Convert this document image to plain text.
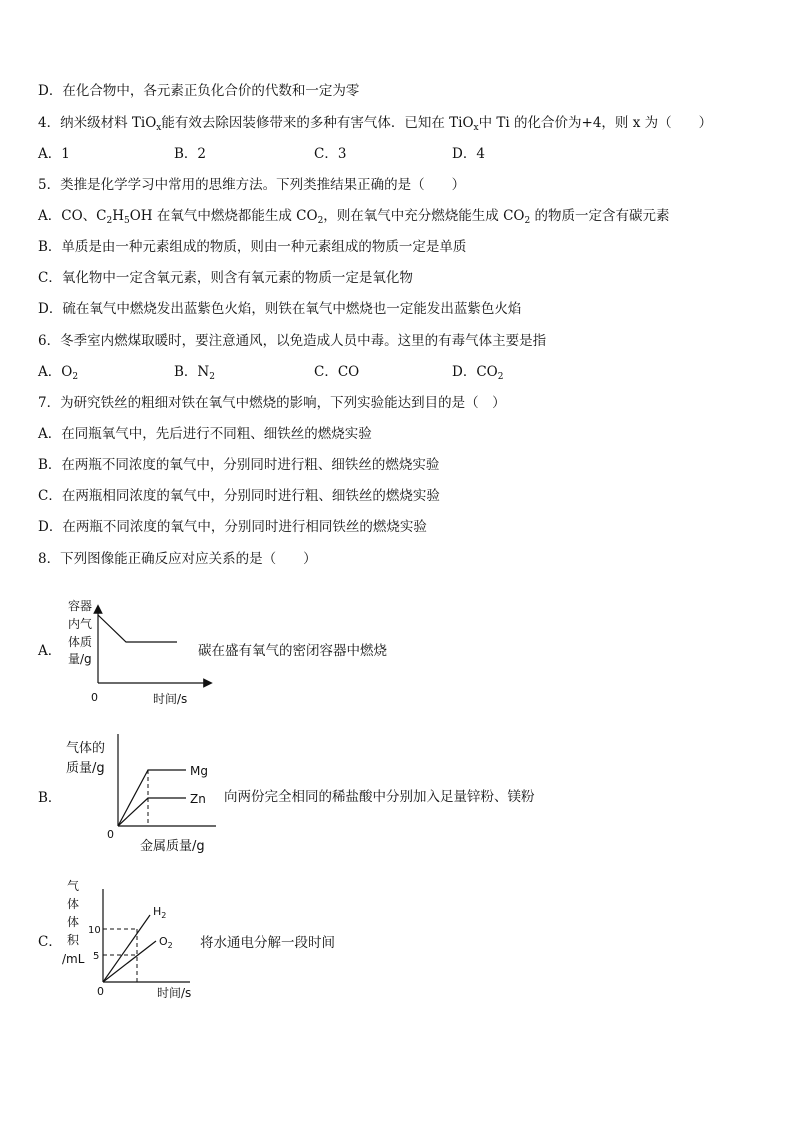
D．在化合物中，各元素正负化合价的代数和一定为零
4．纳米级材料 TiO$_x$能有效去除因装修带来的多种有害气体．已知在 TiO$_x$中 Ti 的化合价为+4，则 x 为（　　）
A．1	B．2	C．3	D．4
5．类推是化学学习中常用的思维方法。下列类推结果正确的是（　　）
A．CO、$C_2H_5OH$ 在氧气中燃烧都能生成 $CO_2$，则在氧气中充分燃烧能生成 $CO_2$ 的物质一定含有碳元素
B．单质是由一种元素组成的物质，则由一种元素组成的物质一定是单质
C．氧化物中一定含氧元素，则含有氧元素的物质一定是氧化物
D．硫在氧气中燃烧发出蓝紫色火焰，则铁在氧气中燃烧也一定能发出蓝紫色火焰
6．冬季室内燃煤取暖时，要注意通风，以免造成人员中毒。这里的有毒气体主要是指
A．$O_2$	B．$N_2$	C．CO	D．$CO_2$
7．为研究铁丝的粗细对铁在氧气中燃烧的影响，下列实验能达到目的是（　）
A．在同瓶氧气中，先后进行不同粗、细铁丝的燃烧实验
B．在两瓶不同浓度的氧气中，分别同时进行粗、细铁丝的燃烧实验
C．在两瓶相同浓度的氧气中，分别同时进行粗、细铁丝的燃烧实验
D．在两瓶不同浓度的氧气中，分别同时进行相同铁丝的燃烧实验
8．下列图像能正确反应对应关系的是（　　）
A．
容器
内气
体质
量/g
0	时间/s
碳在盛有氧气的密闭容器中燃烧
B．
气体的
质量/g	Mg
Zn
0
金属质量/g
向两份完全相同的稀盐酸中分别加入足量锌粉、镁粉
C．
气
体
体
积
/mL
10
5
$H_2$
$O_2$
0	时间/s
将水通电分解一段时间
